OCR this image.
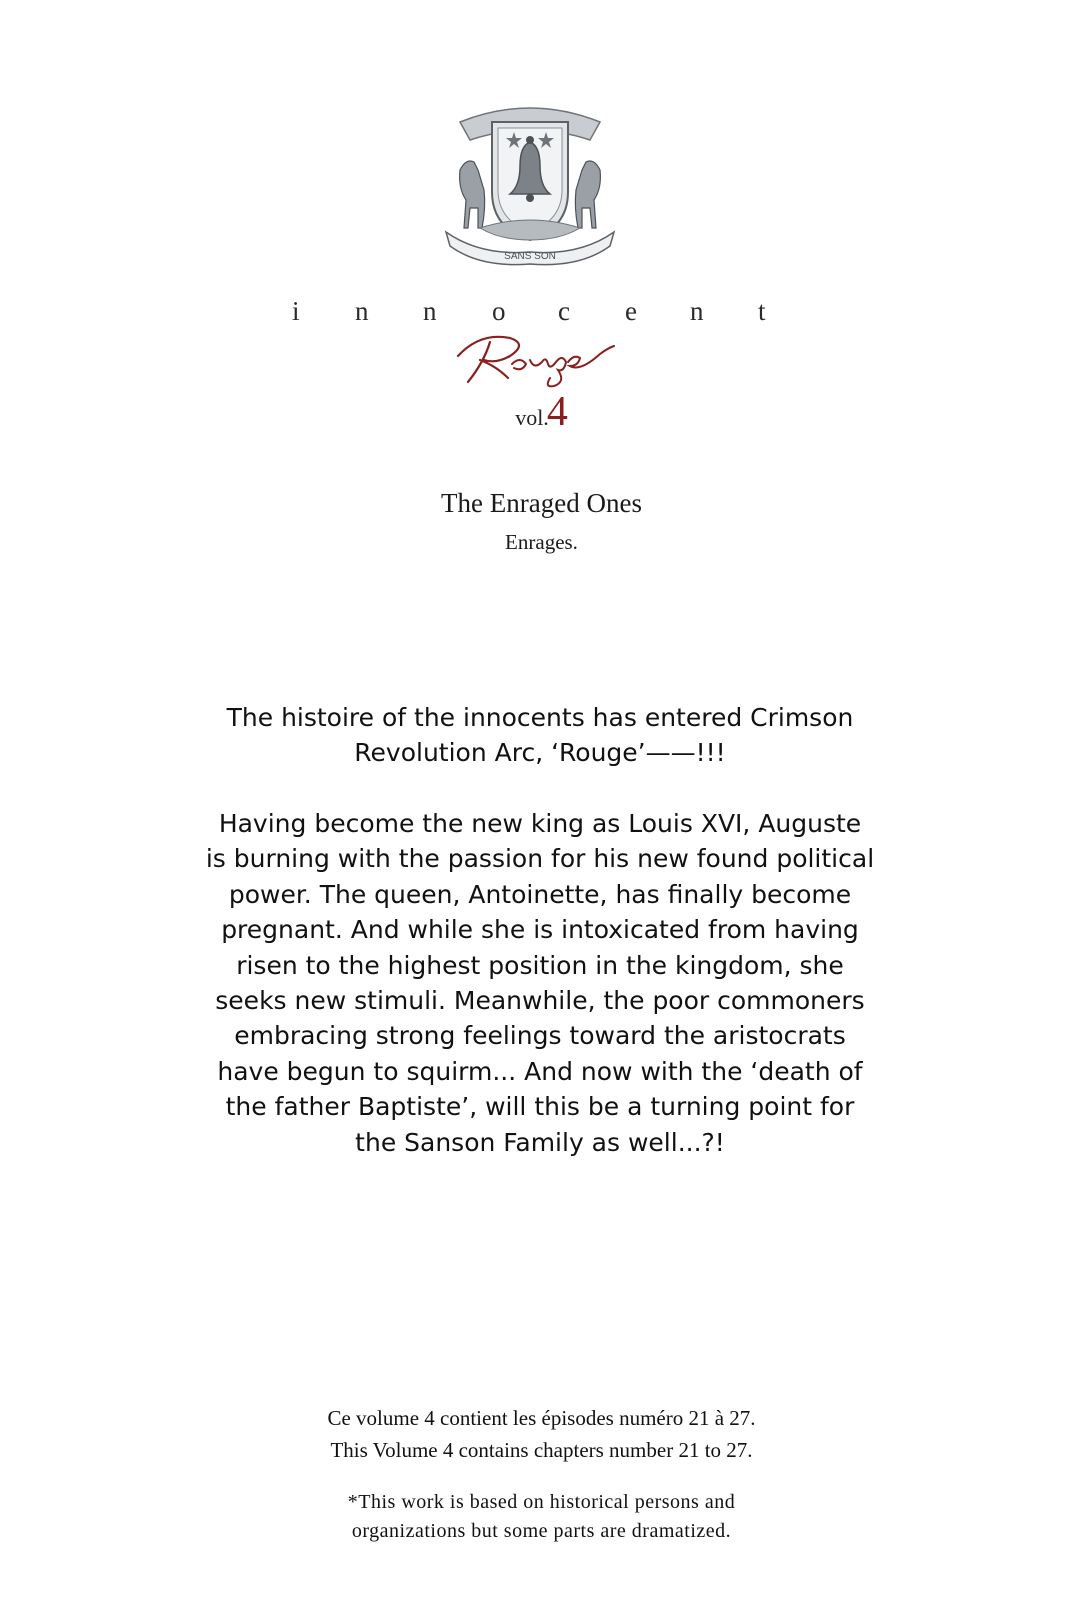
SANS SON
i n n o c e n t
Rouge
vol.4
The Enraged Ones
Enrages.
The histoire of the innocents has entered Crimson Revolution Arc, ‘Rouge’——!!!
Having become the new king as Louis XVI, Auguste is burning with the passion for his new found political power. The queen, Antoinette, has finally become pregnant. And while she is intoxicated from having risen to the highest position in the kingdom, she seeks new stimuli. Meanwhile, the poor commoners embracing strong feelings toward the aristocrats have begun to squirm... And now with the ‘death of the father Baptiste’, will this be a turning point for the Sanson Family as well...?!
Ce volume 4 contient les épisodes numéro 21 à 27.
This Volume 4 contains chapters number 21 to 27.
*This work is based on historical persons and
organizations but some parts are dramatized.
